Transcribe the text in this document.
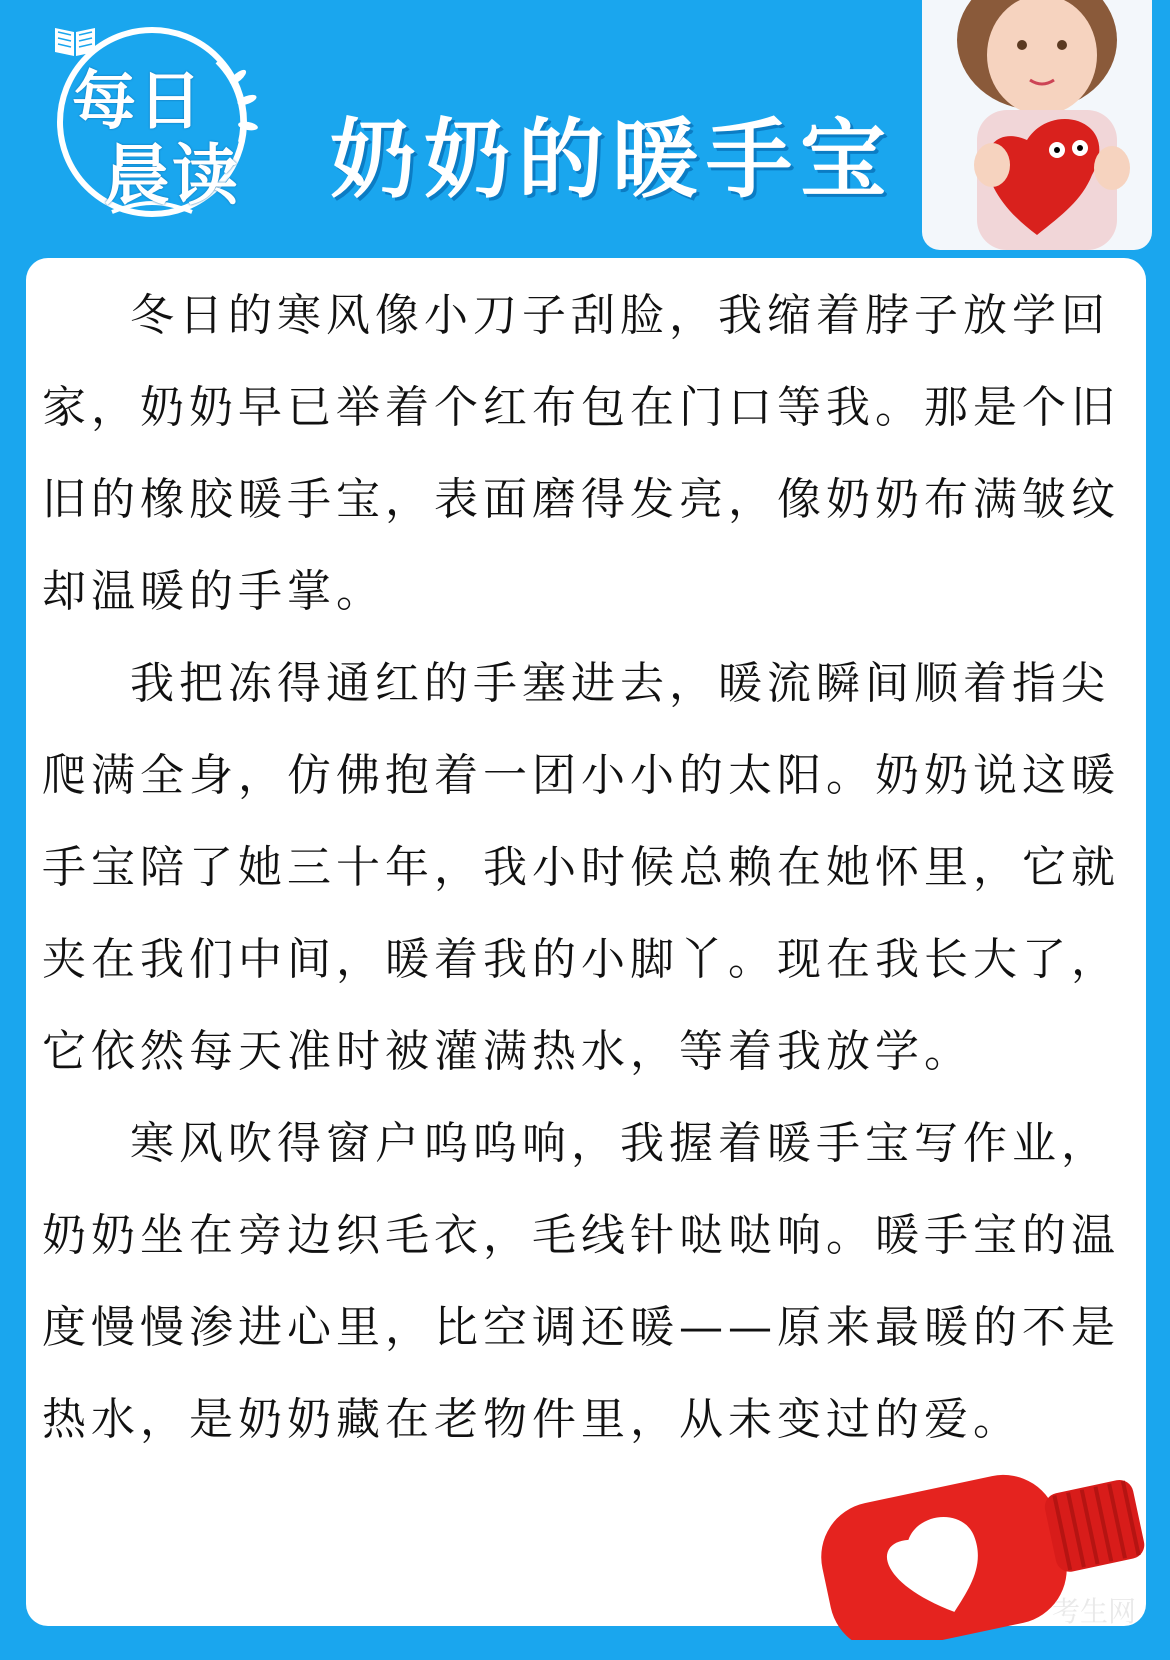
每日
晨读 奶奶的暖手宝

冬日的寒风像小刀子刮脸，我缩着脖子放学回家，奶奶早已举着个红布包在门口等我。那是个旧旧的橡胶暖手宝，表面磨得发亮，像奶奶布满皱纹却温暖的手掌。

我把冻得通红的手塞进去，暖流瞬间顺着指尖爬满全身，仿佛抱着一团小小的太阳。奶奶说这暖手宝陪了她三十年，我小时候总赖在她怀里，它就夹在我们中间，暖着我的小脚丫。现在我长大了，它依然每天准时被灌满热水，等着我放学。

寒风吹得窗户呜呜响，我握着暖手宝写作业，奶奶坐在旁边织毛衣，毛线针哒哒响。暖手宝的温度慢慢渗进心里，比空调还暖——原来最暖的不是热水，是奶奶藏在老物件里，从未变过的爱。

考生网
